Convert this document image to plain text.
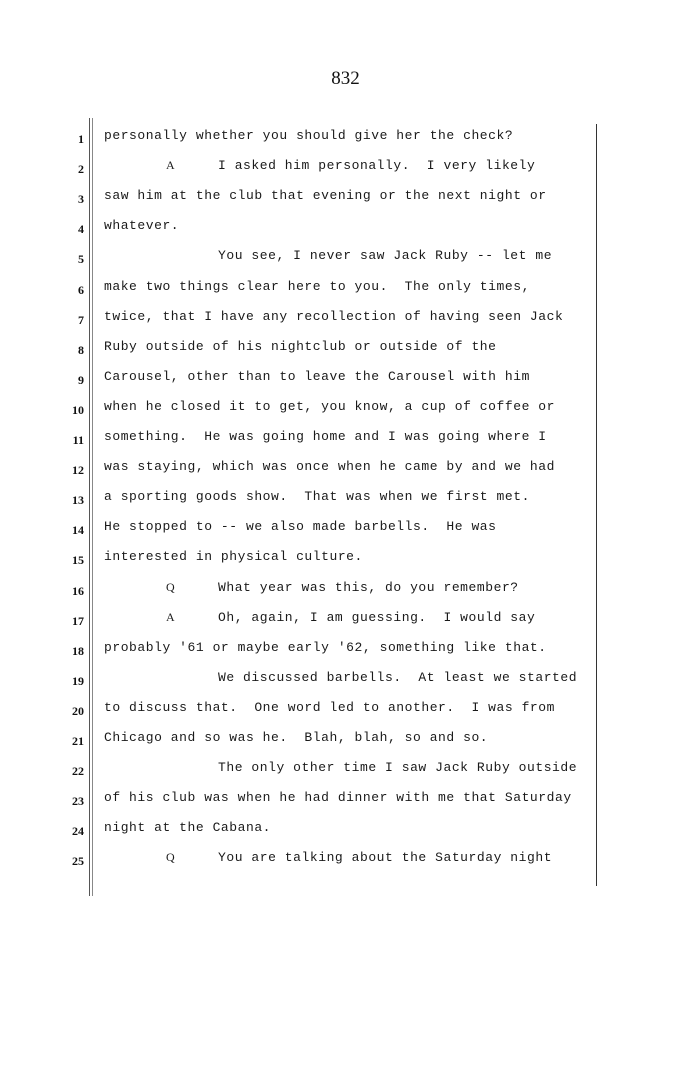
832
1 personally whether you should give her the check?
2	A	I asked him personally.  I very likely
3 saw him at the club that evening or the next night or
4 whatever.
5	You see, I never saw Jack Ruby -- let me
6 make two things clear here to you.  The only times,
7 twice, that I have any recollection of having seen Jack
8 Ruby outside of his nightclub or outside of the
9 Carousel, other than to leave the Carousel with him
10 when he closed it to get, you know, a cup of coffee or
11 something.  He was going home and I was going where I
12 was staying, which was once when he came by and we had
13 a sporting goods show.  That was when we first met.
14 He stopped to -- we also made barbells.  He was
15 interested in physical culture.
16	Q	What year was this, do you remember?
17	A	Oh, again, I am guessing.  I would say
18 probably '61 or maybe early '62, something like that.
19	We discussed barbells.  At least we started
20 to discuss that.  One word led to another.  I was from
21 Chicago and so was he.  Blah, blah, so and so.
22	The only other time I saw Jack Ruby outside
23 of his club was when he had dinner with me that Saturday
24 night at the Cabana.
25	Q	You are talking about the Saturday night
